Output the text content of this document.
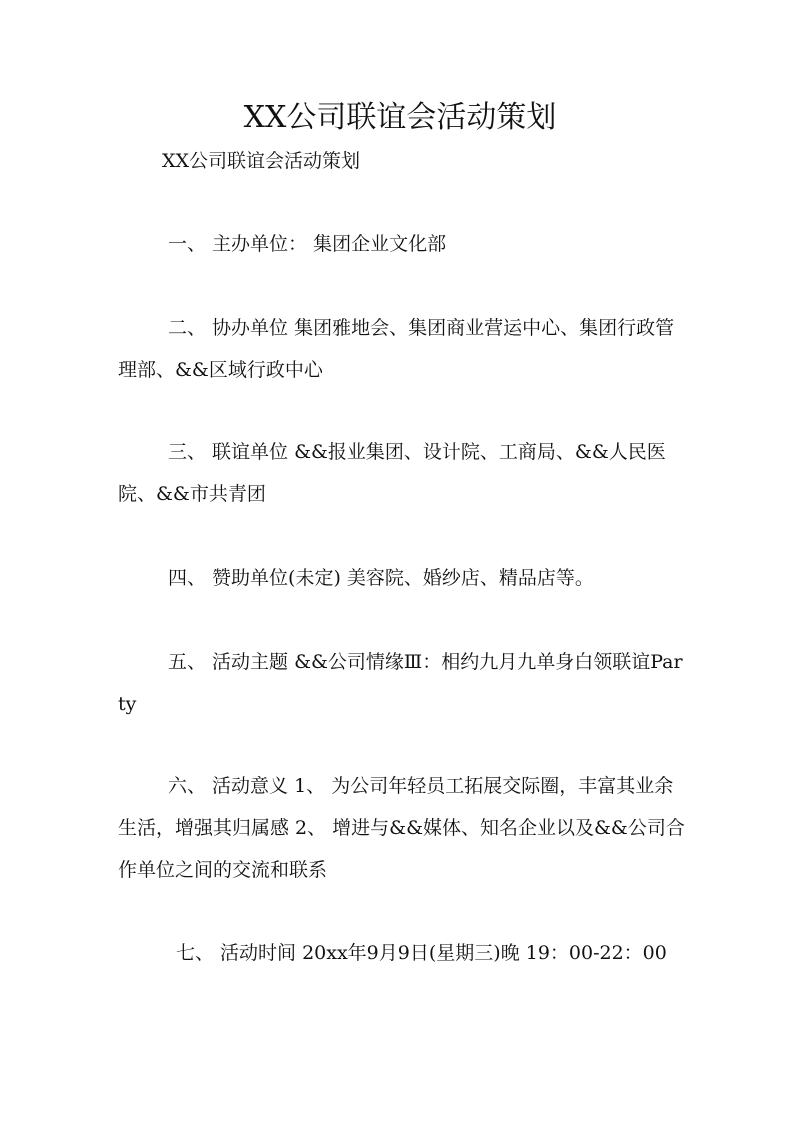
XX公司联谊会活动策划
XX公司联谊会活动策划

一、 主办单位： 集团企业文化部

二、 协办单位 集团雅地会、集团商业营运中心、集团行政管理部、&&区域行政中心

三、 联谊单位 &&报业集团、设计院、工商局、&&人民医院、&&市共青团

四、 赞助单位(未定) 美容院、婚纱店、精品店等。

五、 活动主题 &&公司情缘Ⅲ：相约九月九单身白领联谊Party

六、 活动意义 1、 为公司年轻员工拓展交际圈，丰富其业余生活，增强其归属感 2、 增进与&&媒体、知名企业以及&&公司合作单位之间的交流和联系

七、 活动时间 20xx年9月9日(星期三)晚 19：00-22：00
